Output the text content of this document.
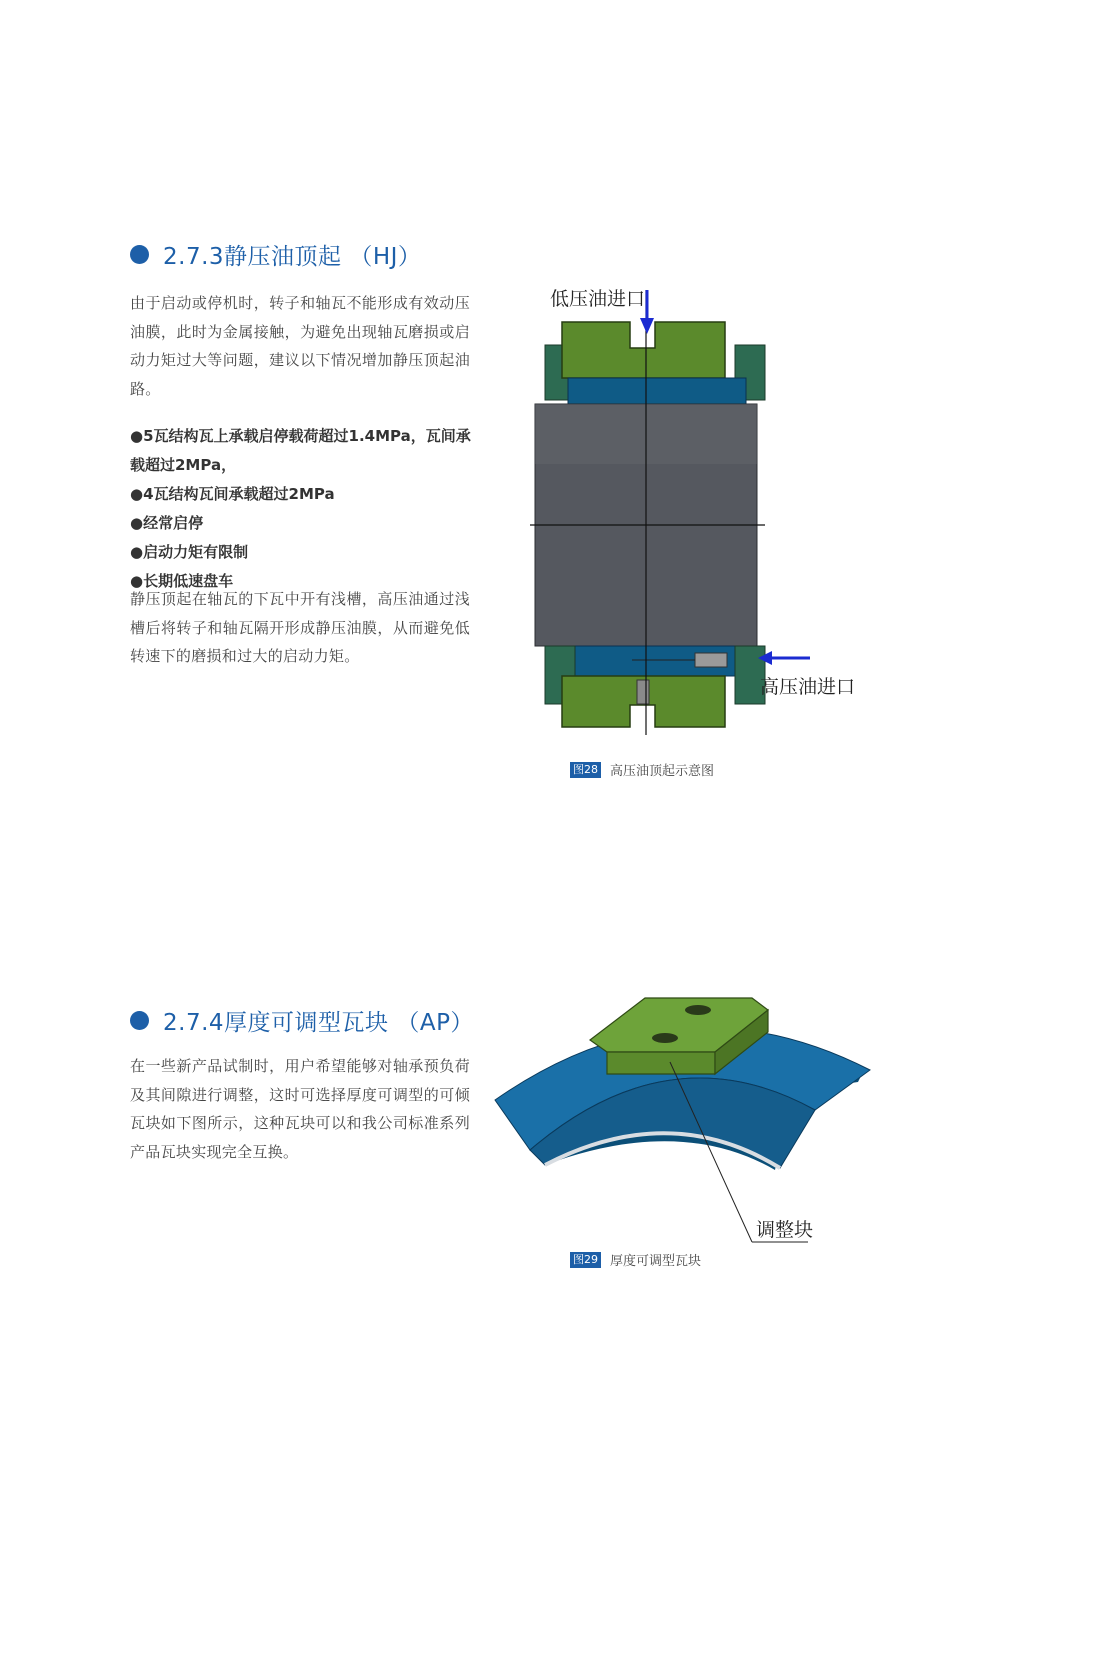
2.7.3静压油顶起 （HJ）

由于启动或停机时，转子和轴瓦不能形成有效动压油膜，此时为金属接触，为避免出现轴瓦磨损或启动力矩过大等问题，建议以下情况增加静压顶起油路。

● 5瓦结构瓦上承载启停载荷超过1.4MPa，瓦间承载超过2MPa，
● 4瓦结构瓦间承载超过2MPa
● 经常启停
● 启动力矩有限制
● 长期低速盘车

静压顶起在轴瓦的下瓦中开有浅槽，高压油通过浅槽后将转子和轴瓦隔开形成静压油膜，从而避免低转速下的磨损和过大的启动力矩。

低压油进口
高压油进口
图28 高压油顶起示意图
2.7.4厚度可调型瓦块 （AP）

在一些新产品试制时，用户希望能够对轴承预负荷及其间隙进行调整，这时可选择厚度可调型的可倾瓦块如下图所示，这种瓦块可以和我公司标准系列产品瓦块实现完全互换。

调整块
图29 厚度可调型瓦块
